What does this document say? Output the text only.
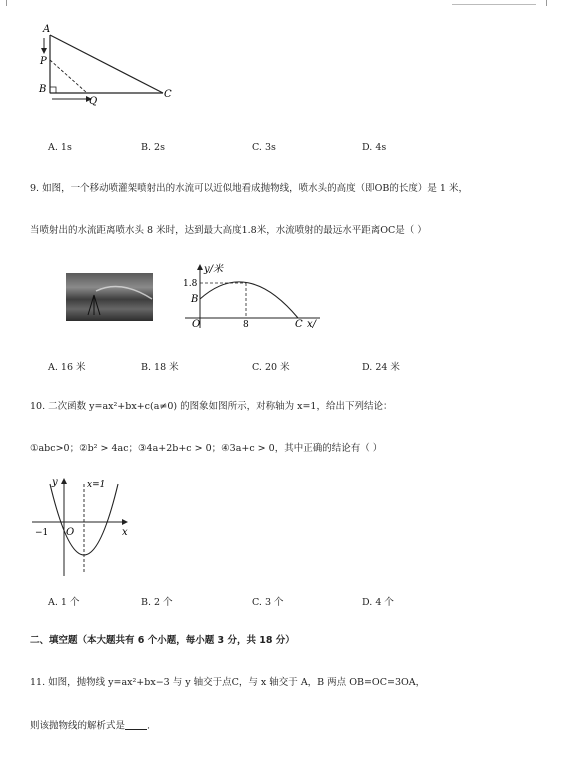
A
P
B
Q
C
A. 1s	B. 2s	C. 3s	D. 4s
9. 如图，一个移动喷灌架喷射出的水流可以近似地看成抛物线，喷水头的高度（即OB的长度）是 1 米，
当喷射出的水流距离喷水头 8 米时，达到最大高度1.8米，水流喷射的最远水平距离OC是（ ）
y/米
1.8
B
O	8	C x/
A. 16 米	B. 18 米	C. 20 米	D. 24 米
10. 二次函数 y=ax²+bx+c(a≠0) 的图象如图所示，对称轴为 x=1，给出下列结论：
①abc>0；②b² > 4ac；③4a+2b+c > 0；④3a+c > 0，其中正确的结论有（ ）
y	x=1
−1 O	x
A. 1 个	B. 2 个	C. 3 个	D. 4 个
二、填空题（本大题共有 6 个小题，每小题 3 分，共 18 分）
11. 如图，抛物线 y=ax²+bx−3 与 y 轴交于点C，与 x 轴交于 A，B 两点 OB=OC=3OA，
则该抛物线的解析式是 .
